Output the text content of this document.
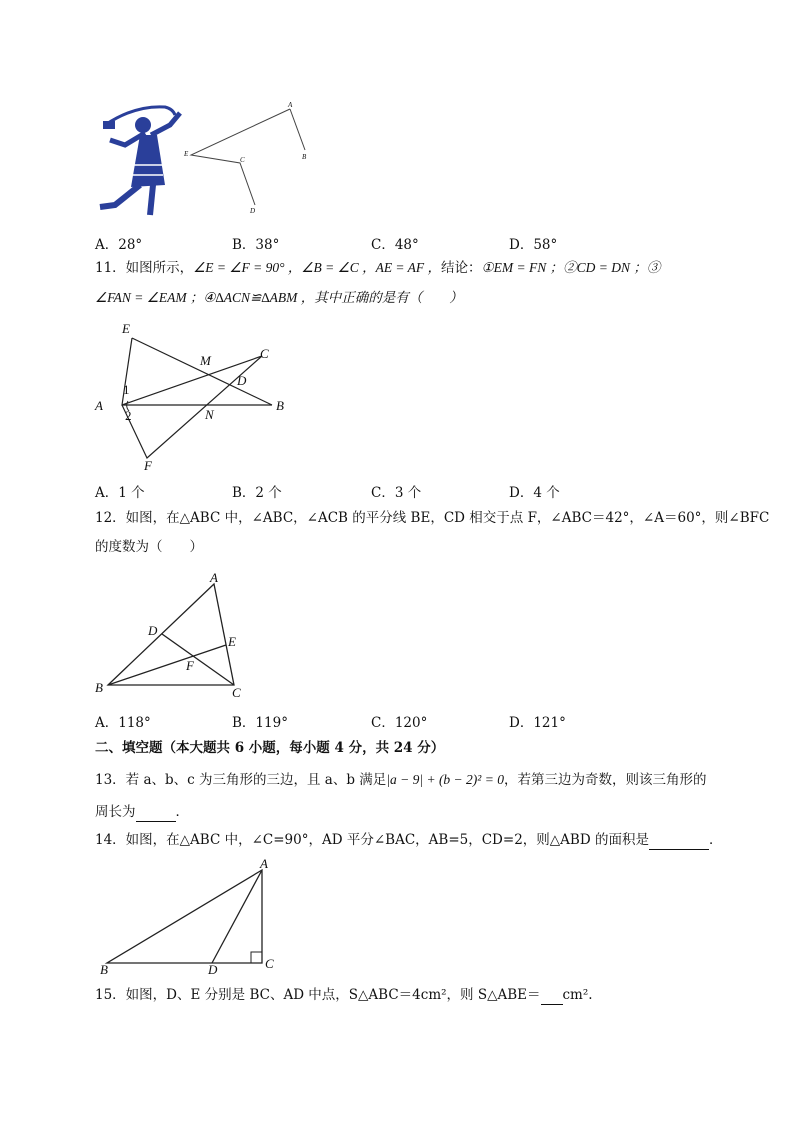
A
B
C
D
E
A．28°	B．38°	C．48°	D．58°
11．如图所示，∠E = ∠F = 90° ，∠B = ∠C ，AE = AF ，结论：①EM = FN ；②CD = DN ；③
∠FAN = ∠EAM ；④∆ACN≌∆ABM ，其中正确的是有（　　）
E
M	C
D
A
1
2	N
B
F
A．1 个	B．2 个	C．3 个	D．4 个
12．如图，在△ABC 中，∠ABC，∠ACB 的平分线 BE，CD 相交于点 F，∠ABC＝42°，∠A＝60°，则∠BFC
的度数为（　　）
A
D
E
F
B	C
A．118°	B．119°	C．120°	D．121°
二、填空题（本大题共 6 小题，每小题 4 分，共 24 分）
13．若 a、b、c 为三角形的三边，且 a、b 满足|a − 9| + (b − 2)² = 0，若第三边为奇数，则该三角形的
周长为	．
14．如图，在△ABC 中，∠C=90°，AD 平分∠BAC，AB=5，CD=2，则△ABD 的面积是	．
A
B	D	C
15．如图，D、E 分别是 BC、AD 中点，S△ABC＝4cm²，则 S△ABE＝ cm².
